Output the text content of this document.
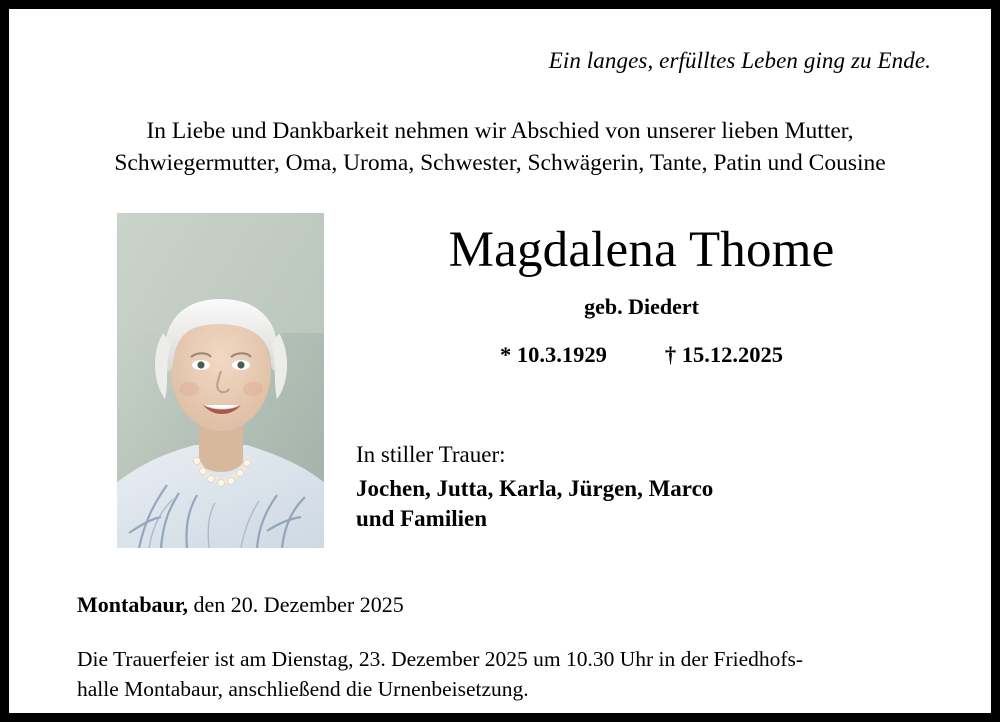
Ein langes, erfülltes Leben ging zu Ende.
In Liebe und Dankbarkeit nehmen wir Abschied von unserer lieben Mutter,
Schwiegermutter, Oma, Uroma, Schwester, Schwägerin, Tante, Patin und Cousine
Magdalena Thome
geb. Diedert
* 10.3.1929	† 15.12.2025
In stiller Trauer:
Jochen, Jutta, Karla, Jürgen, Marco
und Familien
Montabaur, den 20. Dezember 2025
Die Trauerfeier ist am Dienstag, 23. Dezember 2025 um 10.30 Uhr in der Friedhofs-
halle Montabaur, anschließend die Urnenbeisetzung.
